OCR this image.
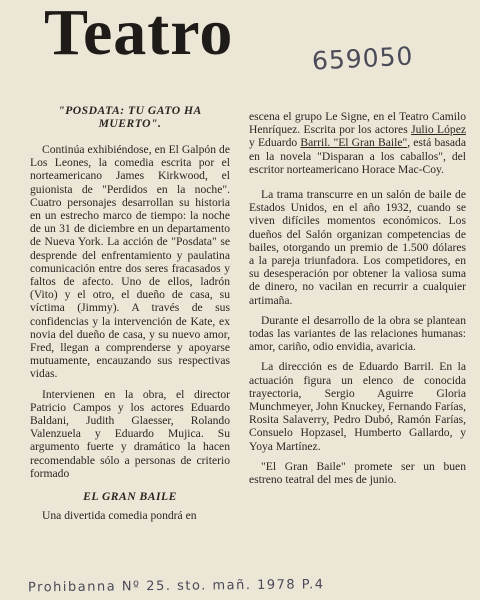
Teatro	659050
"POSDATA: TU GATO HA MUERTO".

Continúa exhibiéndose, en El Galpón de Los Leones, la comedia escrita por el norteamericano James Kirkwood, el guionista de "Perdidos en la noche". Cuatro personajes desarrollan su historia en un estrecho marco de tiempo: la noche de un 31 de diciembre en un departamento de Nueva York. La acción de "Posdata" se desprende del enfrentamiento y paulatina comunicación entre dos seres fracasados y faltos de afecto. Uno de ellos, ladrón (Vito) y el otro, el dueño de casa, su víctima (Jimmy). A través de sus confidencias y la intervención de Kate, ex novia del dueño de casa, y su nuevo amor, Fred, llegan a comprenderse y apoyarse mutuamente, encauzando sus respectivas vidas.

Intervienen en la obra, el director Patricio Campos y los actores Eduardo Baldani, Judith Glaesser, Rolando Valenzuela y Eduardo Mujica. Su argumento fuerte y dramático la hacen recomendable sólo a personas de criterio formado

EL GRAN BAILE

Una divertida comedia pondrá en

escena el grupo Le Signe, en el Teatro Camilo Henríquez. Escrita por los actores Julio López y Eduardo Barril. "El Gran Baile", está basada en la novela "Disparan a los caballos", del escritor norteamericano Horace Mac-Coy.

La trama transcurre en un salón de baile de Estados Unidos, en el año 1932, cuando se viven difíciles momentos económicos. Los dueños del Salón organizan competencias de bailes, otorgando un premio de 1.500 dólares a la pareja triunfadora. Los competidores, en su desesperación por obtener la valiosa suma de dinero, no vacilan en recurrir a cualquier artimaña.

Durante el desarrollo de la obra se plantean todas las variantes de las relaciones humanas: amor, cariño, odio envidia, avaricia.

La dirección es de Eduardo Barril. En la actuación figura un elenco de conocida trayectoria, Sergio Aguirre Gloria Munchmeyer, John Knuckey, Fernando Farías, Rosita Salaverry, Pedro Dubó, Ramón Farías, Consuelo Hopzasel, Humberto Gallardo, y Yoya Martínez.

"El Gran Baile" promete ser un buen estreno teatral del mes de junio.

Prohibanna Nº 25. sto. mañ. 1978 P.4
